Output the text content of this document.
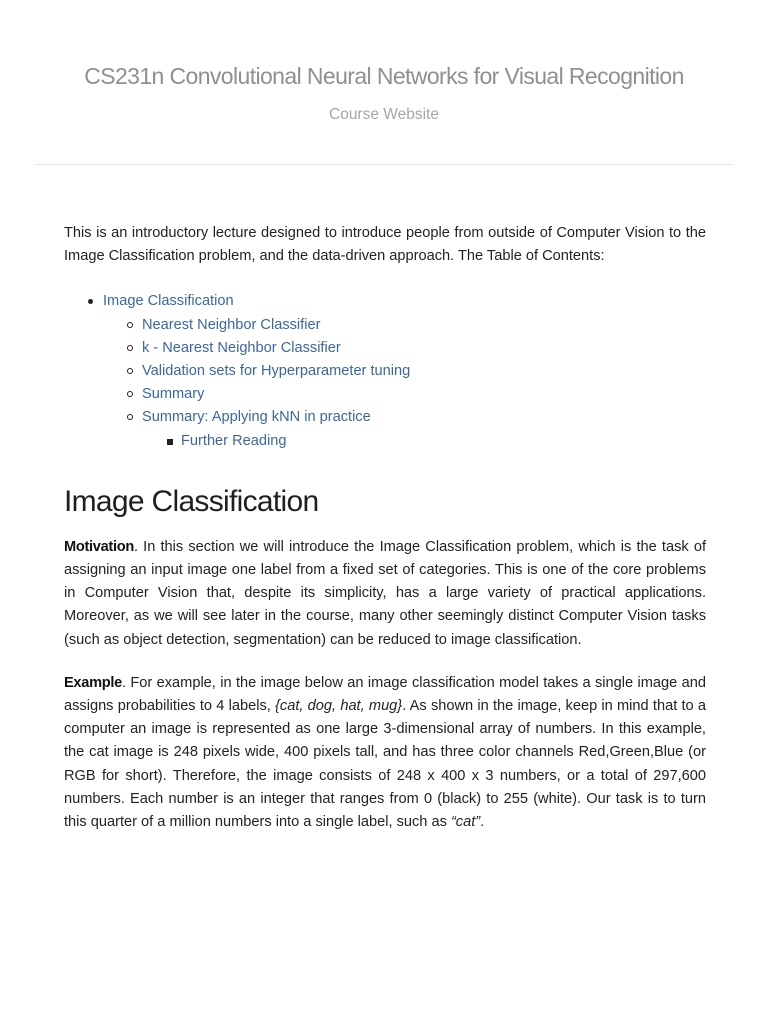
CS231n Convolutional Neural Networks for Visual Recognition
Course Website

This is an introductory lecture designed to introduce people from outside of Computer Vision to the Image Classification problem, and the data-driven approach. The Table of Contents:

Image Classification
Nearest Neighbor Classifier
k - Nearest Neighbor Classifier
Validation sets for Hyperparameter tuning
Summary
Summary: Applying kNN in practice
Further Reading
Image Classification

Motivation. In this section we will introduce the Image Classification problem, which is the task of assigning an input image one label from a fixed set of categories. This is one of the core problems in Computer Vision that, despite its simplicity, has a large variety of practical applications. Moreover, as we will see later in the course, many other seemingly distinct Computer Vision tasks (such as object detection, segmentation) can be reduced to image classification.

Example. For example, in the image below an image classification model takes a single image and assigns probabilities to 4 labels, {cat, dog, hat, mug}. As shown in the image, keep in mind that to a computer an image is represented as one large 3-dimensional array of numbers. In this example, the cat image is 248 pixels wide, 400 pixels tall, and has three color channels Red,Green,Blue (or RGB for short). Therefore, the image consists of 248 x 400 x 3 numbers, or a total of 297,600 numbers. Each number is an integer that ranges from 0 (black) to 255 (white). Our task is to turn this quarter of a million numbers into a single label, such as “cat”.
